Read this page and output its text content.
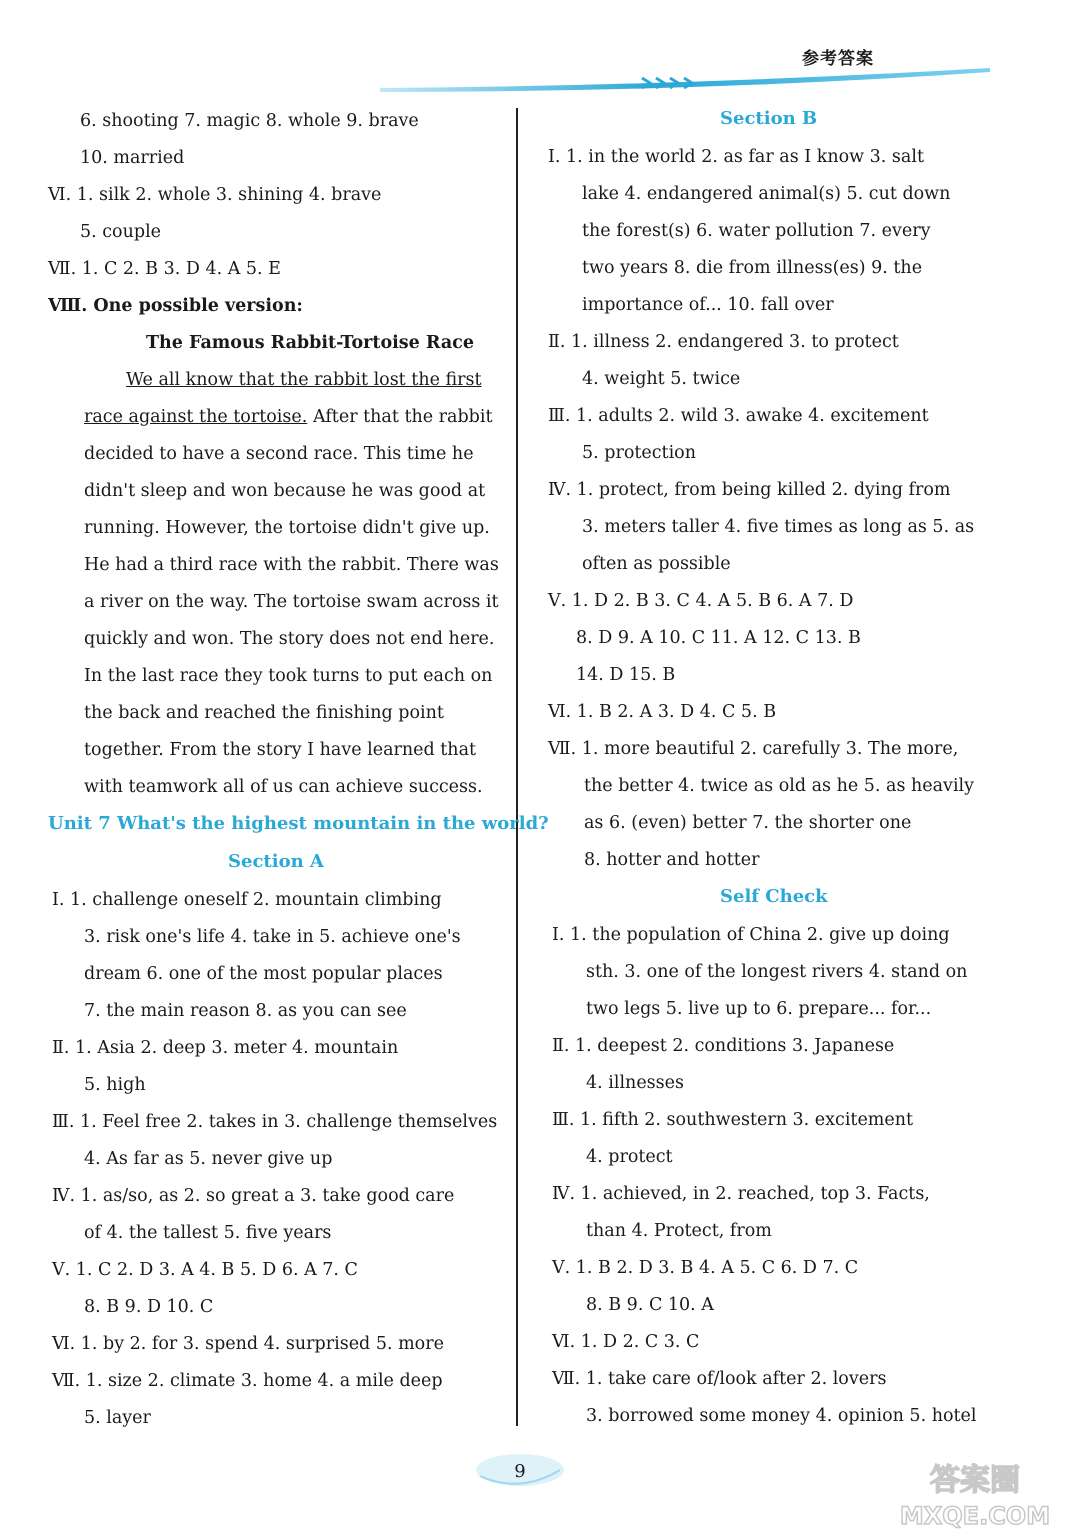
参考答案
6. shooting 7. magic 8. whole 9. brave
10. married
Ⅵ. 1. silk 2. whole 3. shining 4. brave
5. couple
Ⅶ. 1. C 2. B 3. D 4. A 5. E
Ⅷ. One possible version:
The Famous Rabbit-Tortoise Race
We all know that the rabbit lost the first
race against the tortoise. After that the rabbit
decided to have a second race. This time he
didn't sleep and won because he was good at
running. However, the tortoise didn't give up.
He had a third race with the rabbit. There was
a river on the way. The tortoise swam across it
quickly and won. The story does not end here.
In the last race they took turns to put each on
the back and reached the finishing point
together. From the story I have learned that
with teamwork all of us can achieve success.
Unit 7 What's the highest mountain in the world?
Section A
Ⅰ. 1. challenge oneself 2. mountain climbing
3. risk one's life 4. take in 5. achieve one's
dream 6. one of the most popular places
7. the main reason 8. as you can see
Ⅱ. 1. Asia 2. deep 3. meter 4. mountain
5. high
Ⅲ. 1. Feel free 2. takes in 3. challenge themselves
4. As far as 5. never give up
Ⅳ. 1. as/so, as 2. so great a 3. take good care
of 4. the tallest 5. five years
Ⅴ. 1. C 2. D 3. A 4. B 5. D 6. A 7. C
8. B 9. D 10. C
Ⅵ. 1. by 2. for 3. spend 4. surprised 5. more
Ⅶ. 1. size 2. climate 3. home 4. a mile deep
5. layer
Section B
Ⅰ. 1. in the world 2. as far as I know 3. salt
lake 4. endangered animal(s) 5. cut down
the forest(s) 6. water pollution 7. every
two years 8. die from illness(es) 9. the
importance of... 10. fall over
Ⅱ. 1. illness 2. endangered 3. to protect
4. weight 5. twice
Ⅲ. 1. adults 2. wild 3. awake 4. excitement
5. protection
Ⅳ. 1. protect, from being killed 2. dying from
3. meters taller 4. five times as long as 5. as
often as possible
Ⅴ. 1. D 2. B 3. C 4. A 5. B 6. A 7. D
8. D 9. A 10. C 11. A 12. C 13. B
14. D 15. B
Ⅵ. 1. B 2. A 3. D 4. C 5. B
Ⅶ. 1. more beautiful 2. carefully 3. The more,
the better 4. twice as old as he 5. as heavily
as 6. (even) better 7. the shorter one
8. hotter and hotter
Self Check
Ⅰ. 1. the population of China 2. give up doing
sth. 3. one of the longest rivers 4. stand on
two legs 5. live up to 6. prepare... for...
Ⅱ. 1. deepest 2. conditions 3. Japanese
4. illnesses
Ⅲ. 1. fifth 2. southwestern 3. excitement
4. protect
Ⅳ. 1. achieved, in 2. reached, top 3. Facts,
than 4. Protect, from
Ⅴ. 1. B 2. D 3. B 4. A 5. C 6. D 7. C
8. B 9. C 10. A
Ⅵ. 1. D 2. C 3. C
Ⅶ. 1. take care of/look after 2. lovers
3. borrowed some money 4. opinion 5. hotel
9	答案圈
MXQE.COM
